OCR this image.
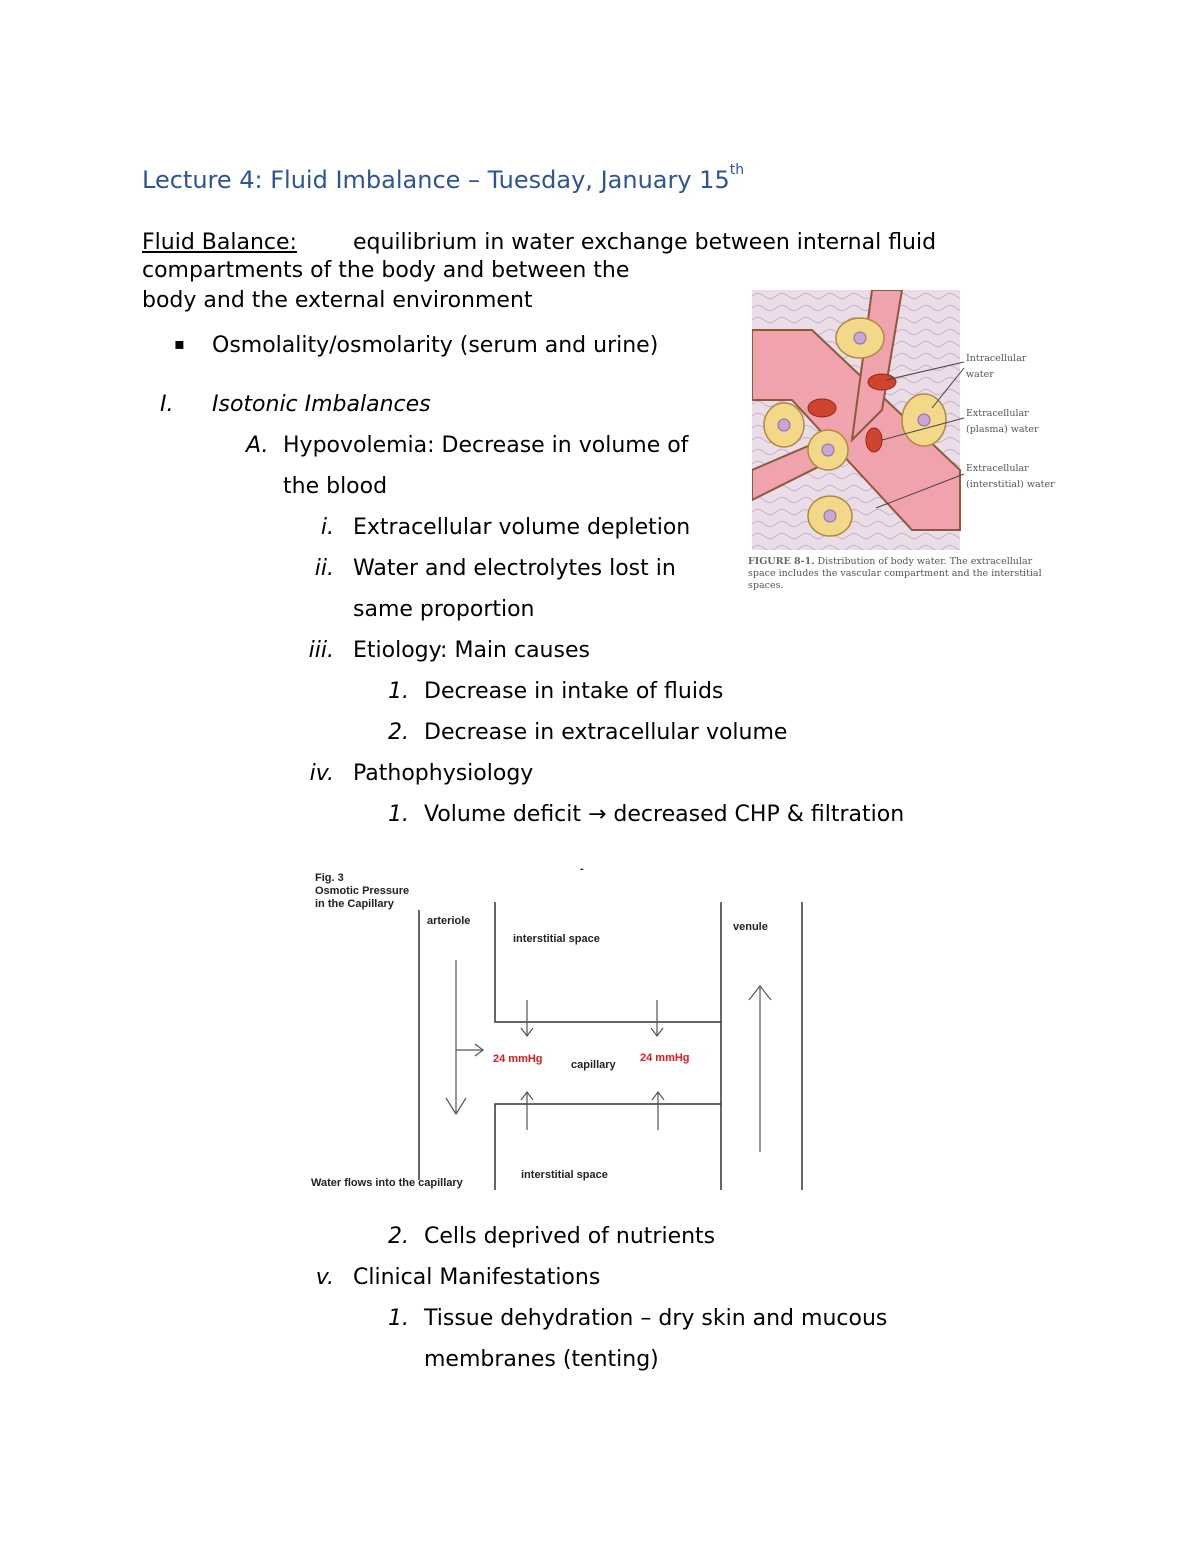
Lecture 4: Fluid Imbalance – Tuesday, January 15th
Fluid Balance:	equilibrium in water exchange between internal fluid
compartments of the body and between the
body and the external environment
▪ Osmolality/osmolarity (serum and urine)
I. Isotonic Imbalances
A. Hypovolemia: Decrease in volume of
the blood
i. Extracellular volume depletion
ii. Water and electrolytes lost in
same proportion
iii. Etiology: Main causes
1. Decrease in intake of fluids
2. Decrease in extracellular volume
iv. Pathophysiology
1. Volume deficit → decreased CHP & filtration
Fig. 3
Osmotic Pressure
in the Capillary
-
arteriole	venule
interstitial space
interstitial space
capillary
24 mmHg	24 mmHg
Water flows into the capillary
2. Cells deprived of nutrients
v. Clinical Manifestations
1. Tissue dehydration – dry skin and mucous
membranes (tenting)
Intracellular
water
Extracellular
(plasma) water
Extracellular
(interstitial) water
FIGURE 8-1. Distribution of body water. The extracellular space includes the vascular compartment and the interstitial spaces.
